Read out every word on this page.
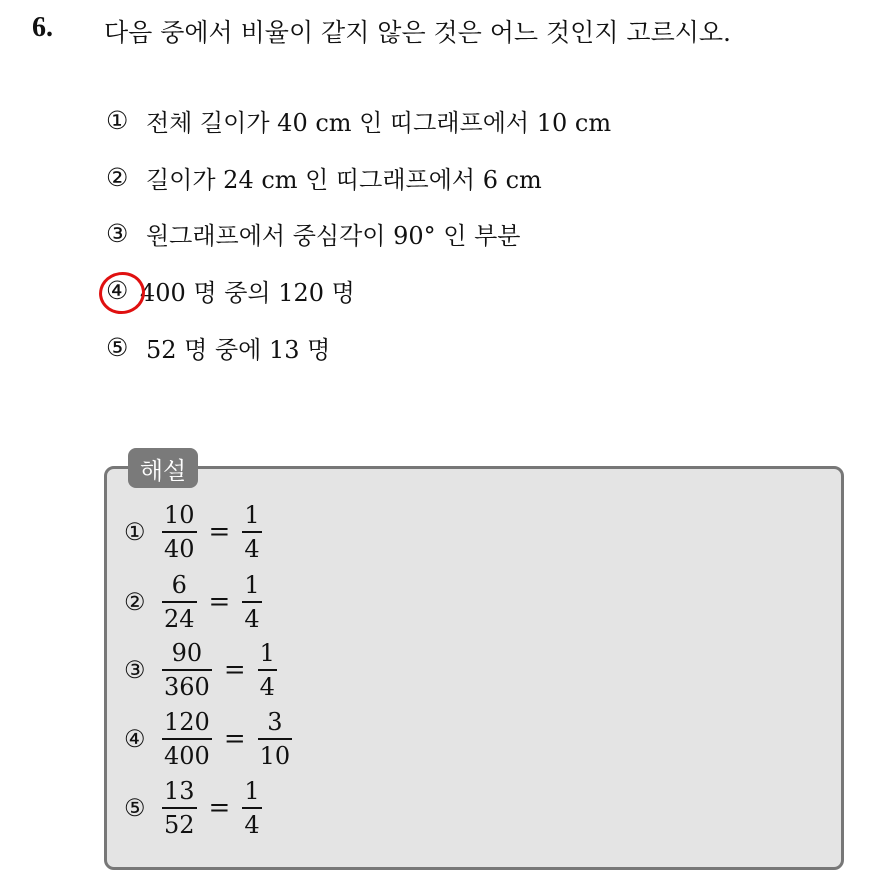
6. 다음 중에서 비율이 같지 않은 것은 어느 것인지 고르시오.
① 전체 길이가 40 cm 인 띠그래프에서 10 cm
② 길이가 24 cm 인 띠그래프에서 6 cm
③ 원그래프에서 중심각이 90° 인 부분
④ 400 명 중의 120 명
⑤ 52 명 중에 13 명
해설
① $\frac{10}{40} = \frac{1}{4}$
② $\frac{6}{24} = \frac{1}{4}$
③ $\frac{90}{360} = \frac{1}{4}$
④ $\frac{120}{400} = \frac{3}{10}$
⑤ $\frac{13}{52} = \frac{1}{4}$
